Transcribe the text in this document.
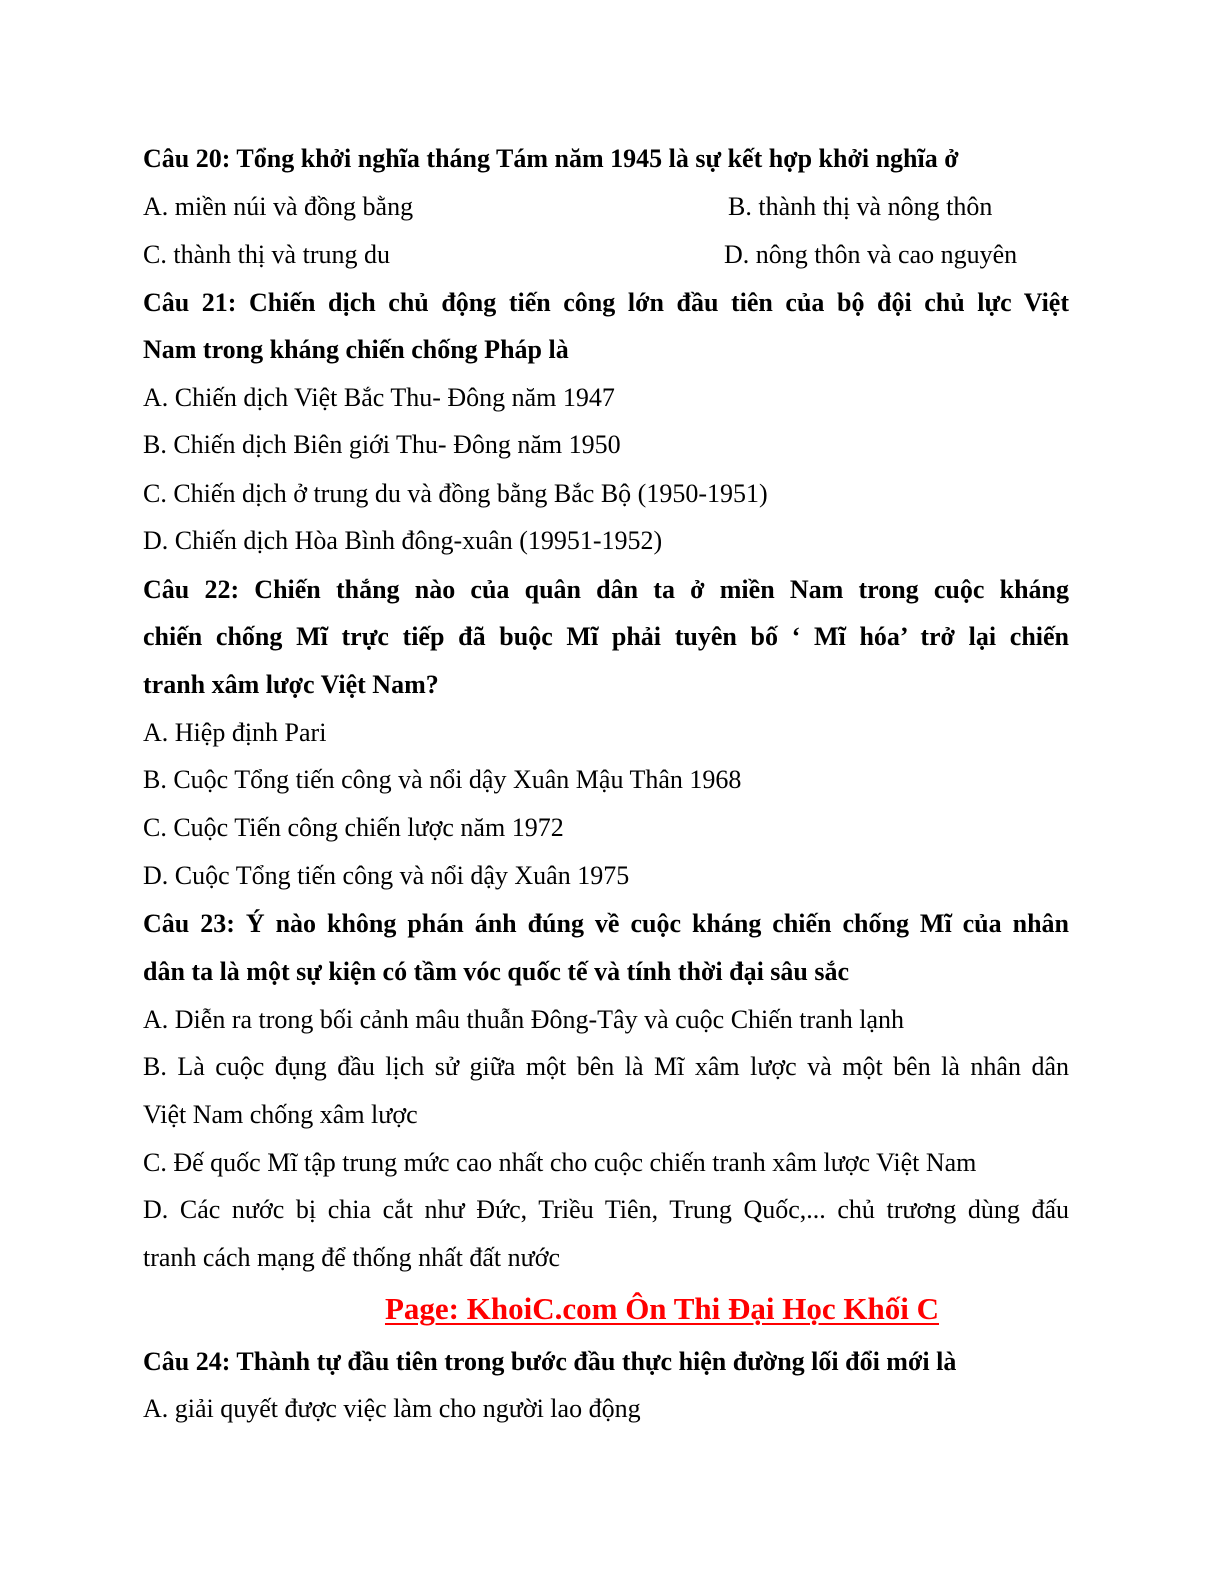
Câu 20: Tổng khởi nghĩa tháng Tám năm 1945 là sự kết hợp khởi nghĩa ở
A. miền núi và đồng bằng	B. thành thị và nông thôn
C. thành thị và trung du	D. nông thôn và cao nguyên
Câu 21: Chiến dịch chủ động tiến công lớn đầu tiên của bộ đội chủ lực Việt
Nam trong kháng chiến chống Pháp là
A. Chiến dịch Việt Bắc Thu- Đông năm 1947
B. Chiến dịch Biên giới Thu- Đông năm 1950
C. Chiến dịch ở trung du và đồng bằng Bắc Bộ (1950-1951)
D. Chiến dịch Hòa Bình đông-xuân (19951-1952)
Câu 22: Chiến thắng nào của quân dân ta ở miền Nam trong cuộc kháng
chiến chống Mĩ trực tiếp đã buộc Mĩ phải tuyên bố ‘ Mĩ hóa’ trở lại chiến
tranh xâm lược Việt Nam?
A. Hiệp định Pari
B. Cuộc Tổng tiến công và nổi dậy Xuân Mậu Thân 1968
C. Cuộc Tiến công chiến lược năm 1972
D. Cuộc Tổng tiến công và nổi dậy Xuân 1975
Câu 23: Ý nào không phán ánh đúng về cuộc kháng chiến chống Mĩ của nhân
dân ta là một sự kiện có tầm vóc quốc tế và tính thời đại sâu sắc
A. Diễn ra trong bối cảnh mâu thuẫn Đông-Tây và cuộc Chiến tranh lạnh
B. Là cuộc đụng đầu lịch sử giữa một bên là Mĩ xâm lược và một bên là nhân dân
Việt Nam chống xâm lược
C. Đế quốc Mĩ tập trung mức cao nhất cho cuộc chiến tranh xâm lược Việt Nam
D. Các nước bị chia cắt như Đức, Triều Tiên, Trung Quốc,... chủ trương dùng đấu
tranh cách mạng để thống nhất đất nước
Page: KhoiC.com Ôn Thi Đại Học Khối C
Câu 24: Thành tự đầu tiên trong bước đầu thực hiện đường lối đổi mới là
A. giải quyết được việc làm cho người lao động
